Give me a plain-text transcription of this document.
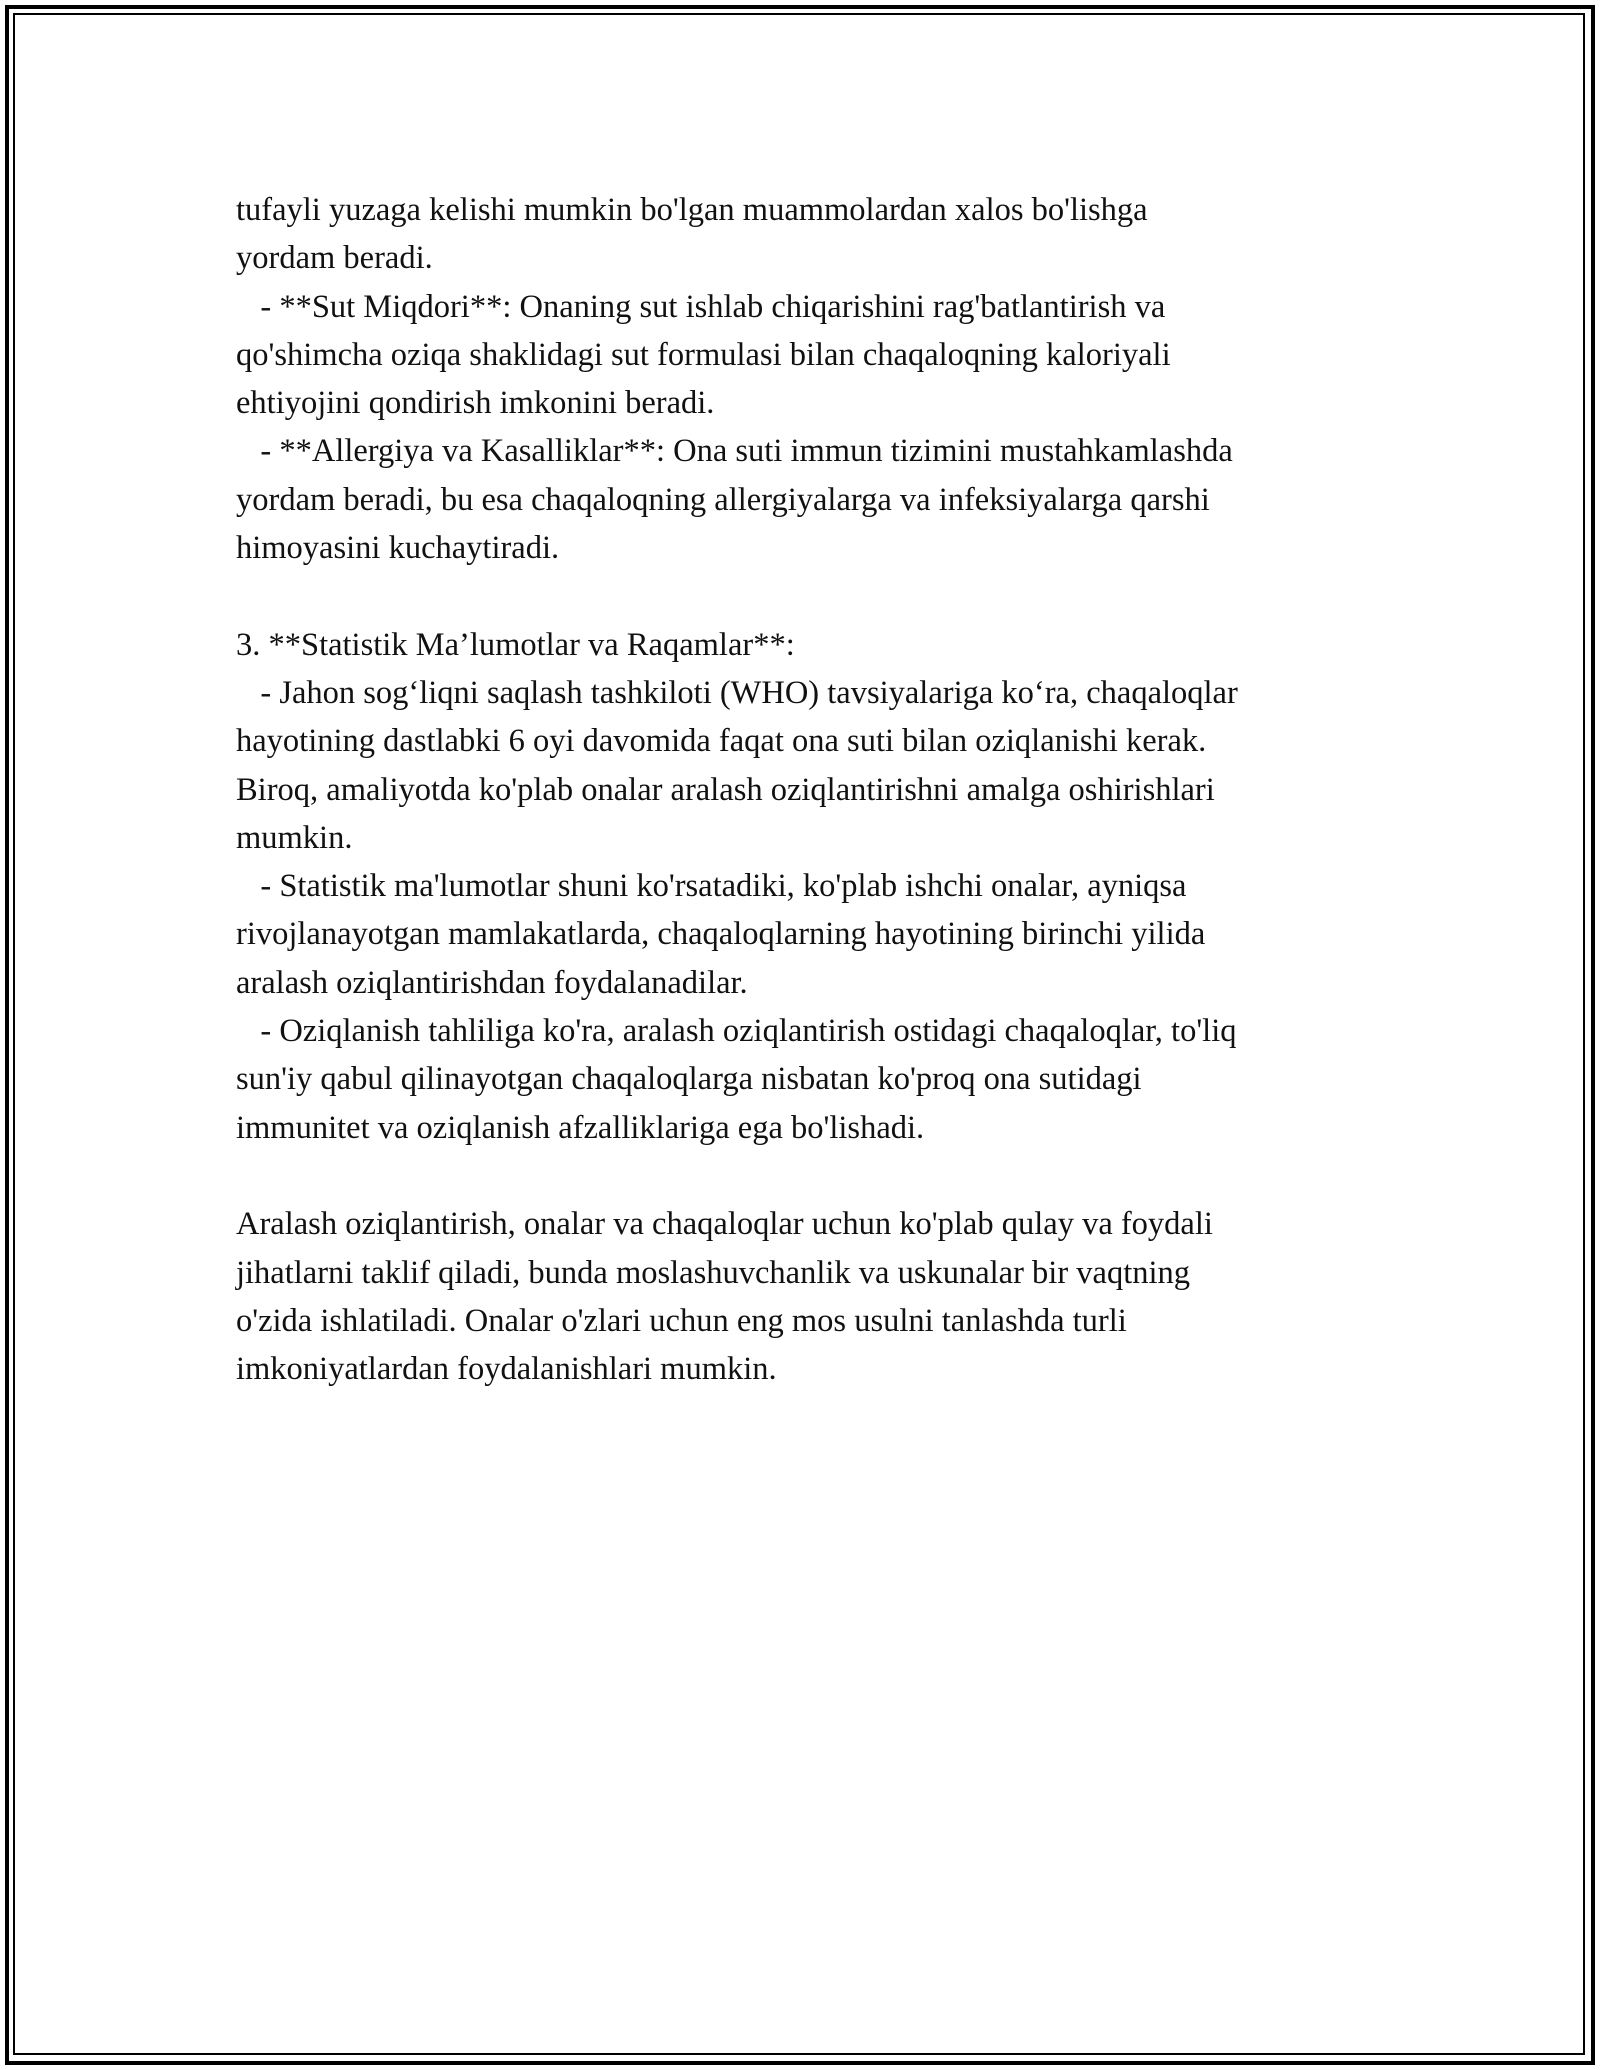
tufayli yuzaga kelishi mumkin bo'lgan muammolardan xalos bo'lishga
yordam beradi.
- **Sut Miqdori**: Onaning sut ishlab chiqarishini rag'batlantirish va
qo'shimcha oziqa shaklidagi sut formulasi bilan chaqaloqning kaloriyali
ehtiyojini qondirish imkonini beradi.
- **Allergiya va Kasalliklar**: Ona suti immun tizimini mustahkamlashda
yordam beradi, bu esa chaqaloqning allergiyalarga va infeksiyalarga qarshi
himoyasini kuchaytiradi.
3. **Statistik Ma’lumotlar va Raqamlar**:
- Jahon sog‘liqni saqlash tashkiloti (WHO) tavsiyalariga ko‘ra, chaqaloqlar
hayotining dastlabki 6 oyi davomida faqat ona suti bilan oziqlanishi kerak.
Biroq, amaliyotda ko'plab onalar aralash oziqlantirishni amalga oshirishlari
mumkin.
- Statistik ma'lumotlar shuni ko'rsatadiki, ko'plab ishchi onalar, ayniqsa
rivojlanayotgan mamlakatlarda, chaqaloqlarning hayotining birinchi yilida
aralash oziqlantirishdan foydalanadilar.
- Oziqlanish tahliliga ko'ra, aralash oziqlantirish ostidagi chaqaloqlar, to'liq
sun'iy qabul qilinayotgan chaqaloqlarga nisbatan ko'proq ona sutidagi
immunitet va oziqlanish afzalliklariga ega bo'lishadi.
Aralash oziqlantirish, onalar va chaqaloqlar uchun ko'plab qulay va foydali
jihatlarni taklif qiladi, bunda moslashuvchanlik va uskunalar bir vaqtning
o'zida ishlatiladi. Onalar o'zlari uchun eng mos usulni tanlashda turli
imkoniyatlardan foydalanishlari mumkin.
